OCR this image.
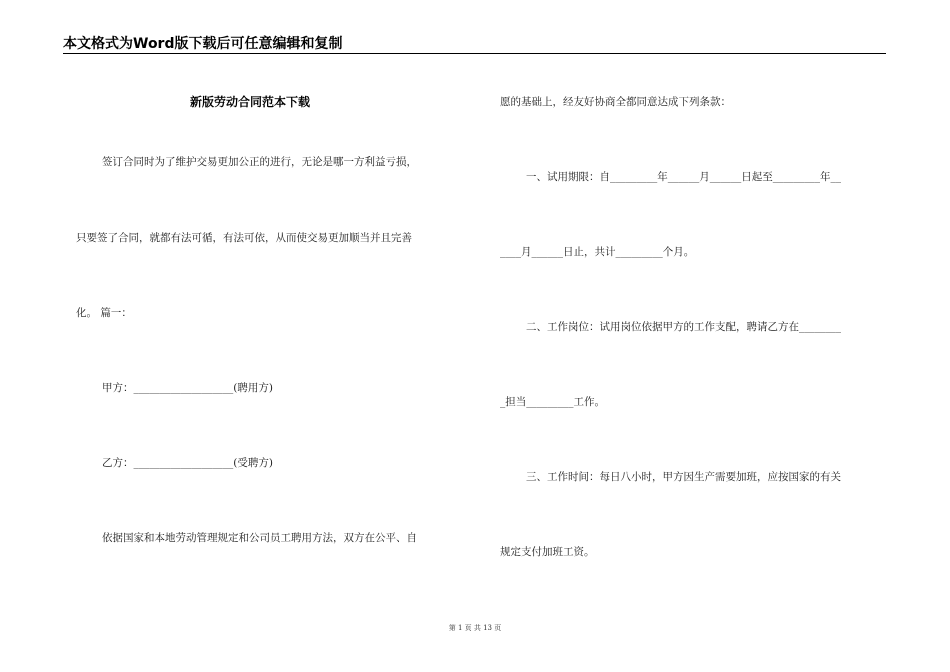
本文格式为Word版下载后可任意编辑和复制
新版劳动合同范本下载
签订合同时为了维护交易更加公正的进行，无论是哪一方利益亏损，
只要签了合同，就都有法可循，有法可依，从而使交易更加顺当并且完善
化。 篇一：
甲方：___________________(聘用方)
乙方：___________________(受聘方)
依据国家和本地劳动管理规定和公司员工聘用方法，双方在公平、自
愿的基础上，经友好协商全都同意达成下列条款：
一、试用期限：自_________年______月______日起至_________年__
____月______日止，共计_________个月。
二、工作岗位：试用岗位依据甲方的工作支配，聘请乙方在________
_担当_________工作。
三、工作时间：每日八小时，甲方因生产需要加班，应按国家的有关
规定支付加班工资。
第 1 页 共 13 页
